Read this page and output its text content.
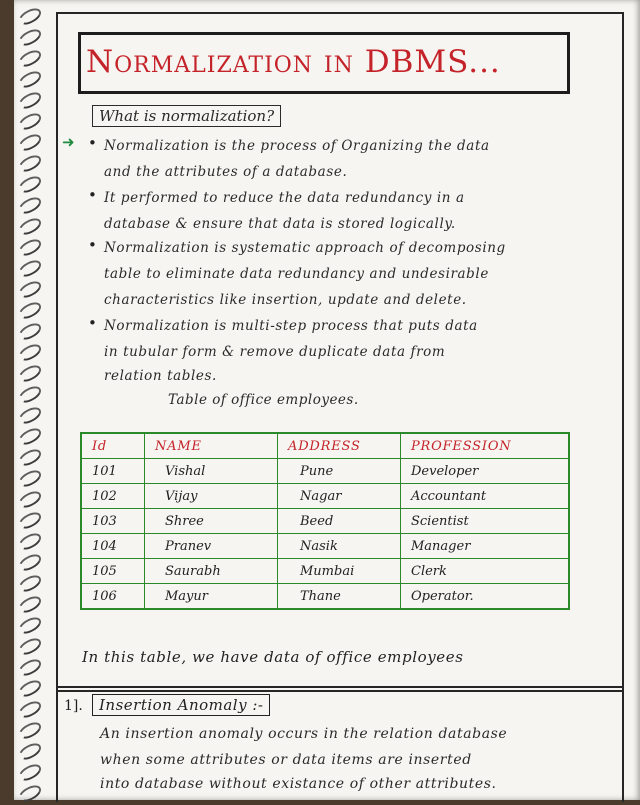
Normalization in DBMS...
What is normalization?
➜ • Normalization is the process of Organizing the data
and the attributes of a database.
• It performed to reduce the data redundancy in a
database & ensure that data is stored logically.
• Normalization is systematic approach of decomposing
table to eliminate data redundancy and undesirable
characteristics like insertion, update and delete.
• Normalization is multi-step process that puts data
in tubular form & remove duplicate data from
relation tables.
Table of office employees.
Id	NAME	ADDRESS	PROFESSION
101	Vishal	Pune	Developer
102	Vijay	Nagar	Accountant
103	Shree	Beed	Scientist
104	Pranev	Nasik	Manager
105	Saurabh	Mumbai	Clerk
106	Mayur	Thane	Operator.
In this table, we have data of office employees
1].	Insertion Anomaly :-
An insertion anomaly occurs in the relation database
when some attributes or data items are inserted
into database without existance of other attributes.
